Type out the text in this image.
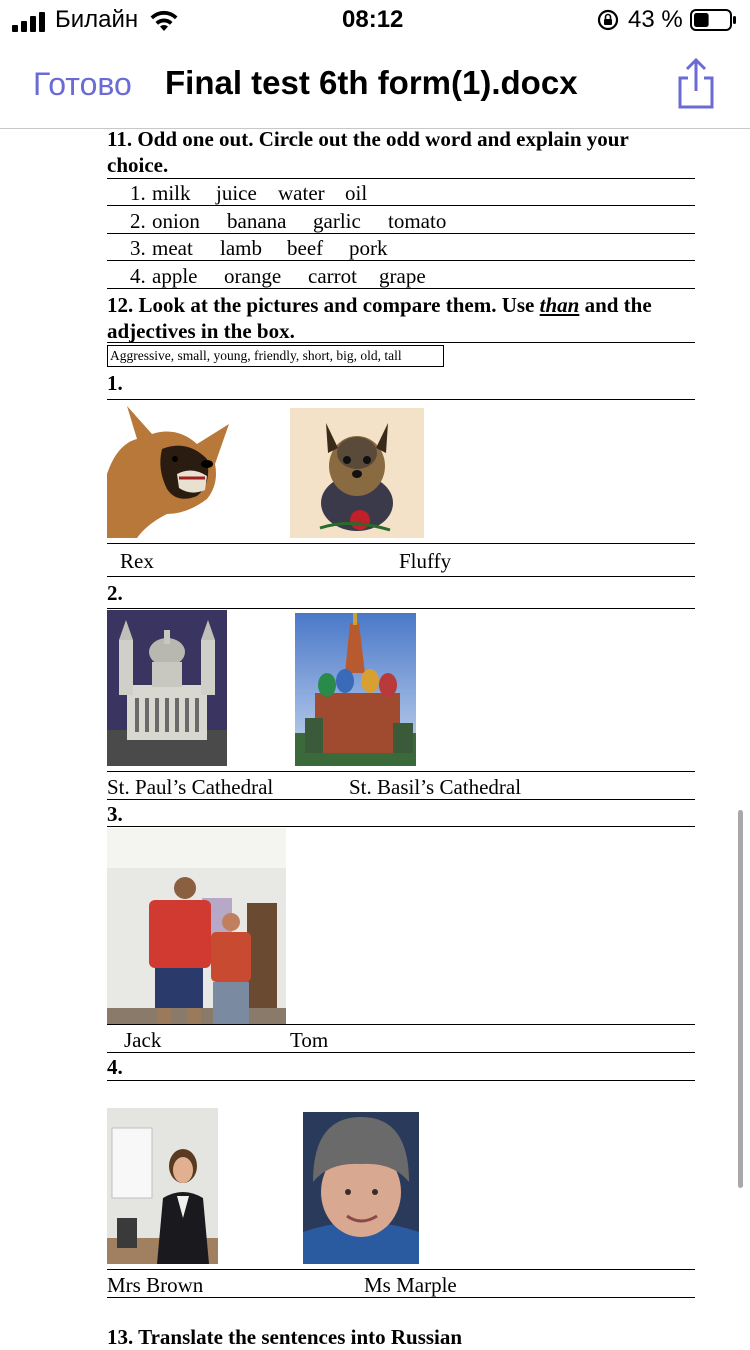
Билайн	08:12	43 %
Готово Final test 6th form(1).docx
11. Odd one out. Circle out the odd word and explain your
choice.
1. milk juice water oil
2. onion banana garlic tomato
3. meat lamb beef pork
4. apple orange carrot grape
12. Look at the pictures and compare them. Use than and the
adjectives in the box.
Aggressive, small, young, friendly, short, big, old, tall
1.
Rex	Fluffy
2.
St. Paul’s Cathedral	St. Basil’s Cathedral
3.
Jack	Tom
4.
Mrs Brown	Ms Marple
13. Translate the sentences into Russian
